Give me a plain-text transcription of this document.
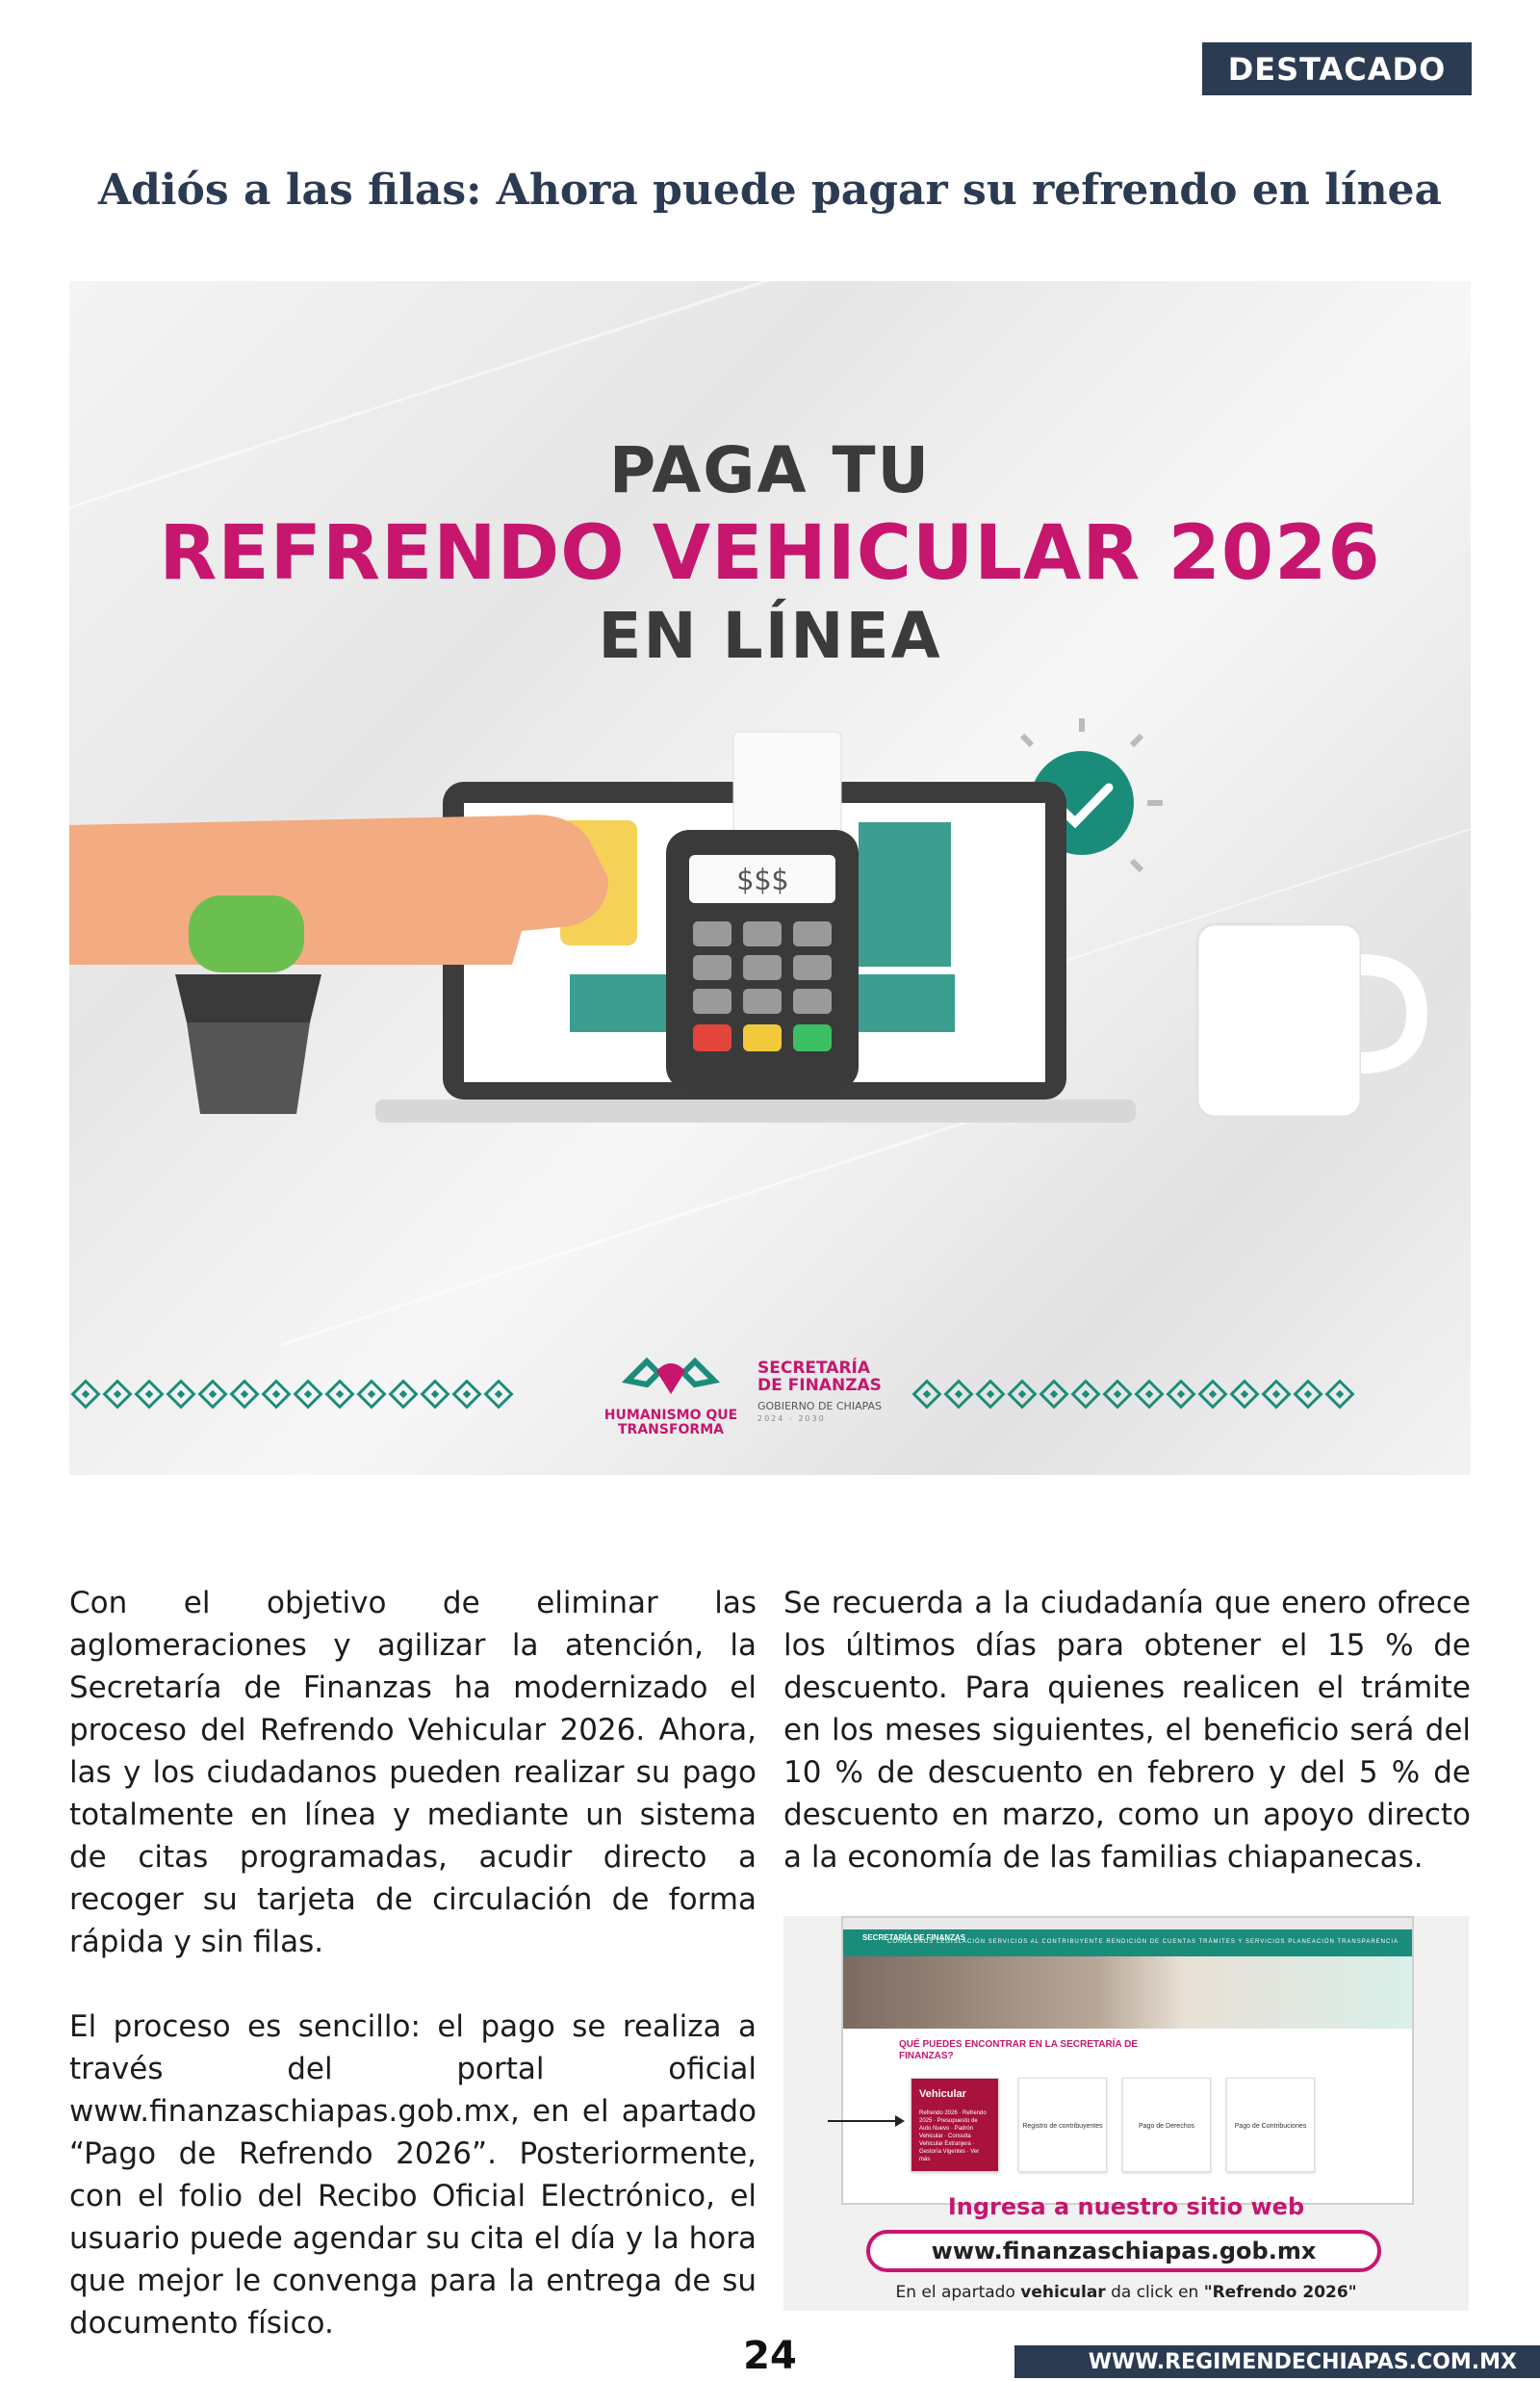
DESTACADO
Adiós a las filas: Ahora puede pagar su refrendo en línea
PAGA TU
REFRENDO VEHICULAR 2026
EN LÍNEA
$$$
HUMANISMO QUE TRANSFORMA
SECRETARÍA
DE FINANZAS
GOBIERNO DE CHIAPAS
2024 - 2030

Con el objetivo de eliminar las aglomeraciones y agilizar la atención, la Secretaría de Finanzas ha modernizado el proceso del Refrendo Vehicular 2026. Ahora, las y los ciudadanos pueden realizar su pago totalmente en línea y mediante un sistema de citas programadas, acudir directo a recoger su tarjeta de circulación de forma rápida y sin filas.

El proceso es sencillo: el pago se realiza a través del portal oficial www.finanzaschiapas.gob.mx, en el apartado “Pago de Refrendo 2026”. Posteriormente, con el folio del Recibo Oficial Electrónico, el usuario puede agendar su cita el día y la hora que mejor le convenga para la entrega de su documento físico.

Se recuerda a la ciudadanía que enero ofrece los últimos días para obtener el 15 % de descuento. Para quienes realicen el trámite en los meses siguientes, el beneficio será del 10 % de descuento en febrero y del 5 % de descuento en marzo, como un apoyo directo a la economía de las familias chiapanecas.

SECRETARÍA DE FINANZAS
CONOCENOS LEGISLACIÓN SERVICIOS AL CONTRIBUYENTE RENDICIÓN DE CUENTAS TRÁMITES Y SERVICIOS PLANEACIÓN TRANSPARENCIA
QUÉ PUEDES ENCONTRAR EN LA SECRETARÍA DE FINANZAS?
Vehicular
Refrendo 2026 · Refrendo 2025 · Presupuesto de Auto Nuevo · Padrón Vehicular · Consulta Vehicular Extranjera · Gestoría Vigentes · Ver más
Registro de contribuyentes	Pago de Derechos	Pago de Contribuciones
Ingresa a nuestro sitio web
www.finanzaschiapas.gob.mx
En el apartado vehicular da click en "Refrendo 2026"
24	WWW.REGIMENDECHIAPAS.COM.MX
